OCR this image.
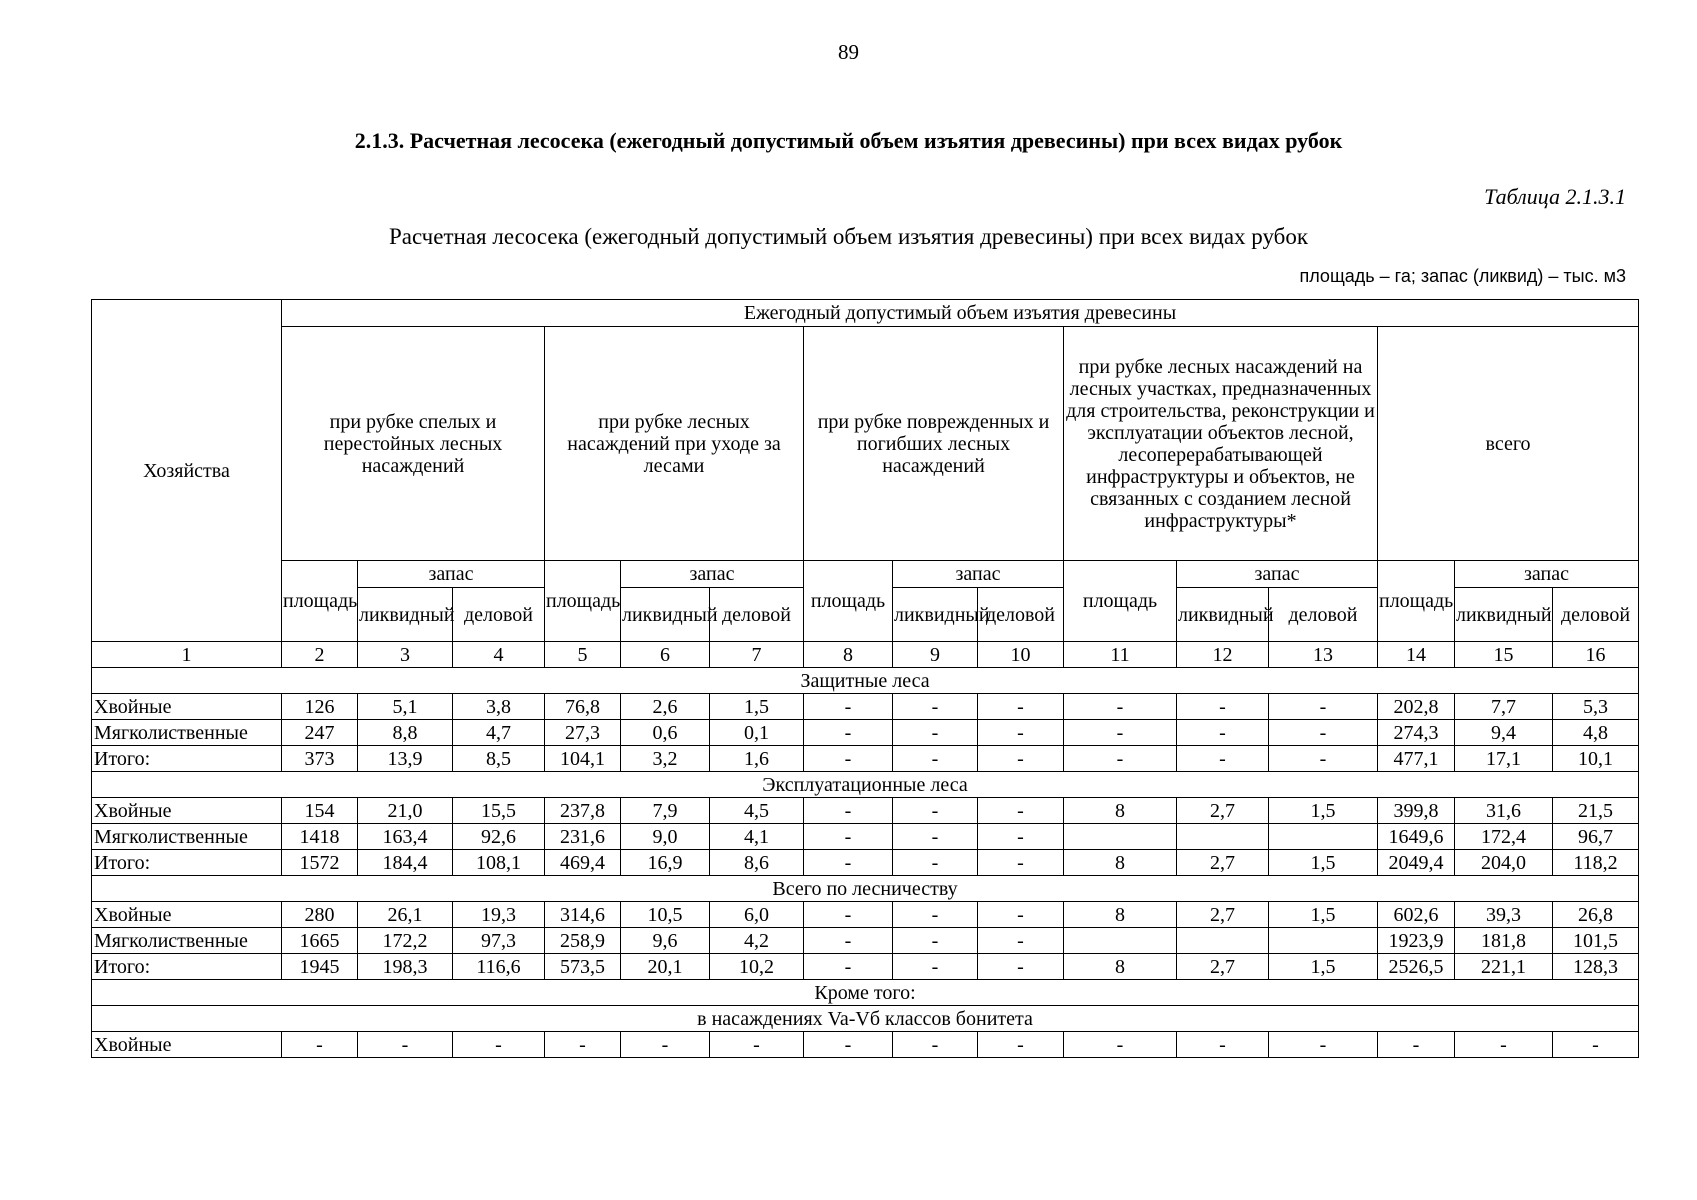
89
2.1.3. Расчетная лесосека (ежегодный допустимый объем изъятия древесины) при всех видах рубок
Таблица 2.1.3.1
Расчетная лесосека (ежегодный допустимый объем изъятия древесины) при всех видах рубок
площадь – га; запас (ликвид) – тыс. м3
Хозяйства	Ежегодный допустимый объем изъятия древесины														
	при рубке спелых и перестойных лесных насаждений			при рубке лесных насаждений при уходе за лесами			при рубке поврежденных и погибших лесных насаждений			при рубке лесных насаждений на лесных участках, предназначенных для строительства, реконструкции и эксплуатации объектов лесной, лесоперерабатывающей инфраструктуры и объектов, не связанных с созданием лесной инфраструктуры*			всего		
	площадь	запас		площадь	запас		площадь	запас		площадь	запас		площадь	запас	
		ликвидный	деловой		ликвидный	деловой		ликвидный	деловой		ликвидный	деловой		ликвидный	деловой
1	2	3	4	5	6	7	8	9	10	11	12	13	14	15	16
Защитные леса															
Хвойные	126	5,1	3,8	76,8	2,6	1,5	-	-	-	-	-	-	202,8	7,7	5,3
Мягколиственные	247	8,8	4,7	27,3	0,6	0,1	-	-	-	-	-	-	274,3	9,4	4,8
Итого:	373	13,9	8,5	104,1	3,2	1,6	-	-	-	-	-	-	477,1	17,1	10,1
Эксплуатационные леса															
Хвойные	154	21,0	15,5	237,8	7,9	4,5	-	-	-	8	2,7	1,5	399,8	31,6	21,5
Мягколиственные	1418	163,4	92,6	231,6	9,0	4,1	-	-	-				1649,6	172,4	96,7
Итого:	1572	184,4	108,1	469,4	16,9	8,6	-	-	-	8	2,7	1,5	2049,4	204,0	118,2
Всего по лесничеству															
Хвойные	280	26,1	19,3	314,6	10,5	6,0	-	-	-	8	2,7	1,5	602,6	39,3	26,8
Мягколиственные	1665	172,2	97,3	258,9	9,6	4,2	-	-	-				1923,9	181,8	101,5
Итого:	1945	198,3	116,6	573,5	20,1	10,2	-	-	-	8	2,7	1,5	2526,5	221,1	128,3
Кроме того:															
в насаждениях Va-Vб классов бонитета															
Хвойные	-	-	-	-	-	-	-	-	-	-	-	-	-	-	-
